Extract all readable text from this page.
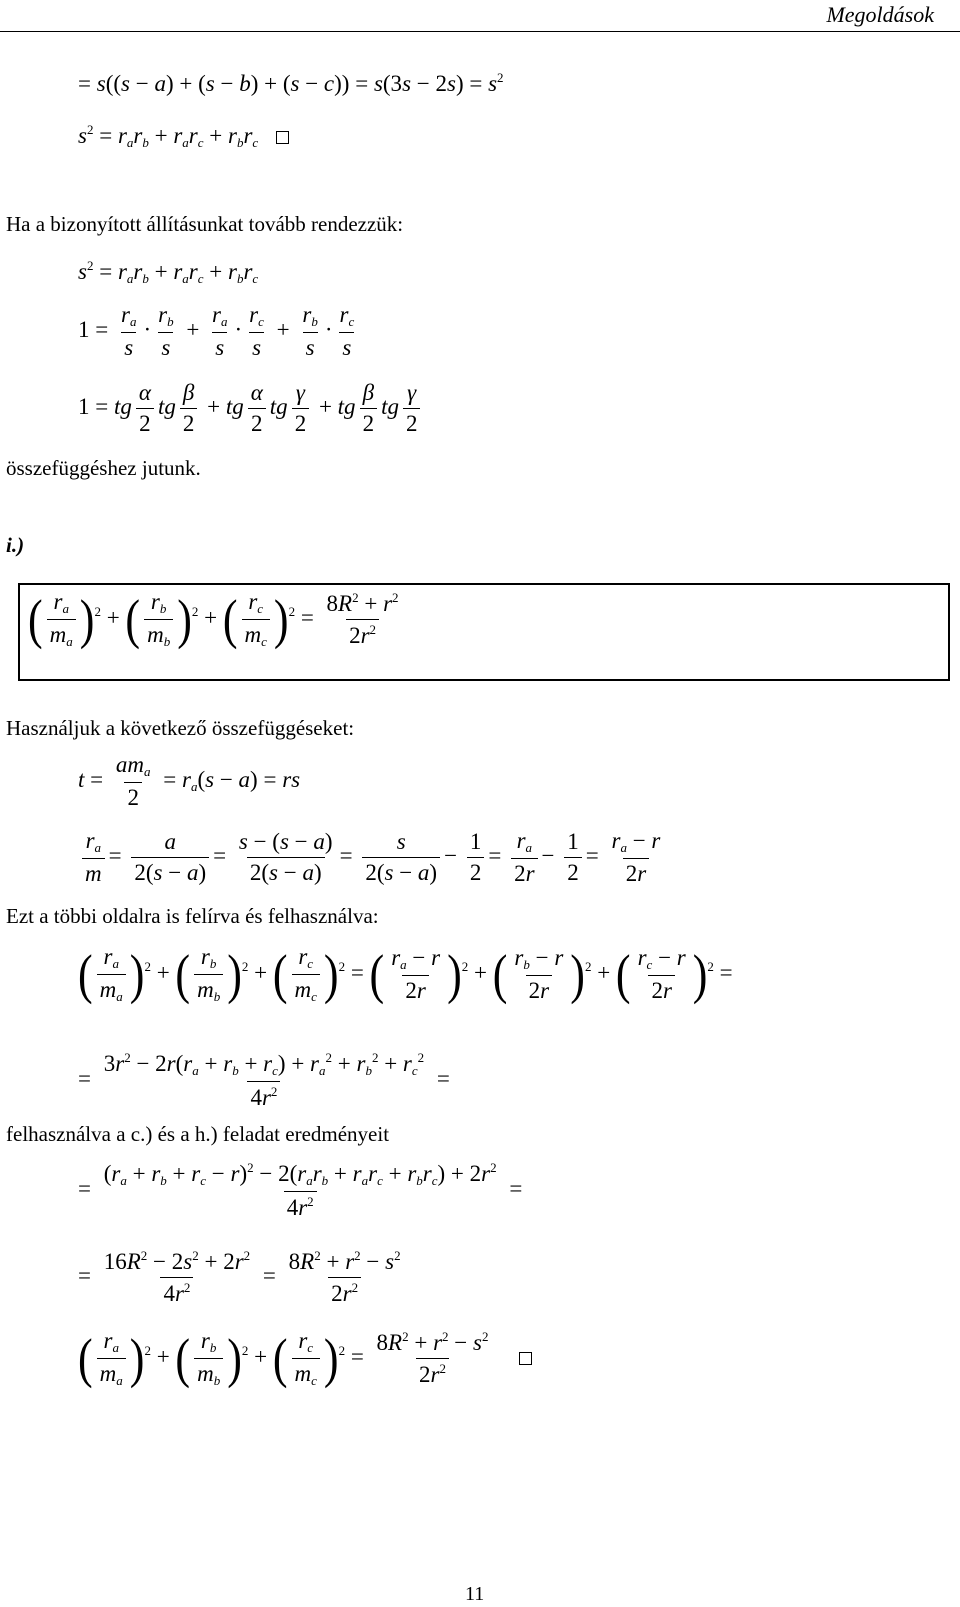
Megoldások
= $s((s - a) + (s - b) + (s - c)) = s(3s - 2s) = s^2$
$s^2 = r_ar_b + r_ar_c + r_br_c$
Ha a bizonyított állításunkat tovább rendezzük:
$s^2 = r_ar_b + r_ar_c + r_br_c$
$1 = \frac{r_a}{s} \cdot \frac{r_b}{s} + \frac{r_a}{s} \cdot \frac{r_c}{s} + \frac{r_b}{s} \cdot \frac{r_c}{s}$
1 = tg $\frac{\alpha}{2}$ tg $\frac{\beta}{2}$ + tg $\frac{\alpha}{2}$ tg $\frac{\gamma}{2}$ + tg $\frac{\beta}{2}$ tg $\frac{\gamma}{2}$
összefüggéshez jutunk.
i.)
( $\frac{r_a}{m_a} )^2$ + ( $\frac{r_b}{m_b} )^2$ + ( $\frac{r_c}{m_c} )^2 = \frac{8R^2 + r^2}{2r^2}$
Használjuk a következő összefüggéseket:
$t = \frac{am_a}{2} = r_a(s - a)$ = rs
$\frac{r_a}{m} = \frac{a}{2(s - a)} = \frac{s - (s - a)}{2(s - a)} = \frac{s}{2(s - a)} - \frac{1}{2} = \frac{r_a}{2r} - \frac{1}{2} = \frac{r_a - r}{2r}$
Ezt a többi oldalra is felírva és felhasználva:
( $\frac{r_a}{m_a} )^2$ + ( $\frac{r_b}{m_b} )^2$ + ( $\frac{r_c}{m_c} )^2$ = ( $\frac{r_a - r}{2r} )^2$ + ( $\frac{r_b - r}{2r} )^2$ + ( $\frac{r_c - r}{2r} )^2$ =
= $\frac{3r^2 - 2r(r_a + r_b + r_c) + r_a^2 + r_b^2 + r_c^2}{4r^2}$ =
felhasználva a c.) és a h.) feladat eredményeit
= $\frac{(r_a + r_b + r_c - r)^2 - 2(r_ar_b + r_ar_c + r_br_c) + 2r^2}{4r^2}$ =
= $\frac{16R^2 - 2s^2 + 2r^2}{4r^2} = \frac{8R^2 + r^2 - s^2}{2r^2}$
( $\frac{r_a}{m_a} )^2$ + ( $\frac{r_b}{m_b} )^2$ + ( $\frac{r_c}{m_c} )^2 = \frac{8R^2 + r^2 - s^2}{2r^2}$

11
